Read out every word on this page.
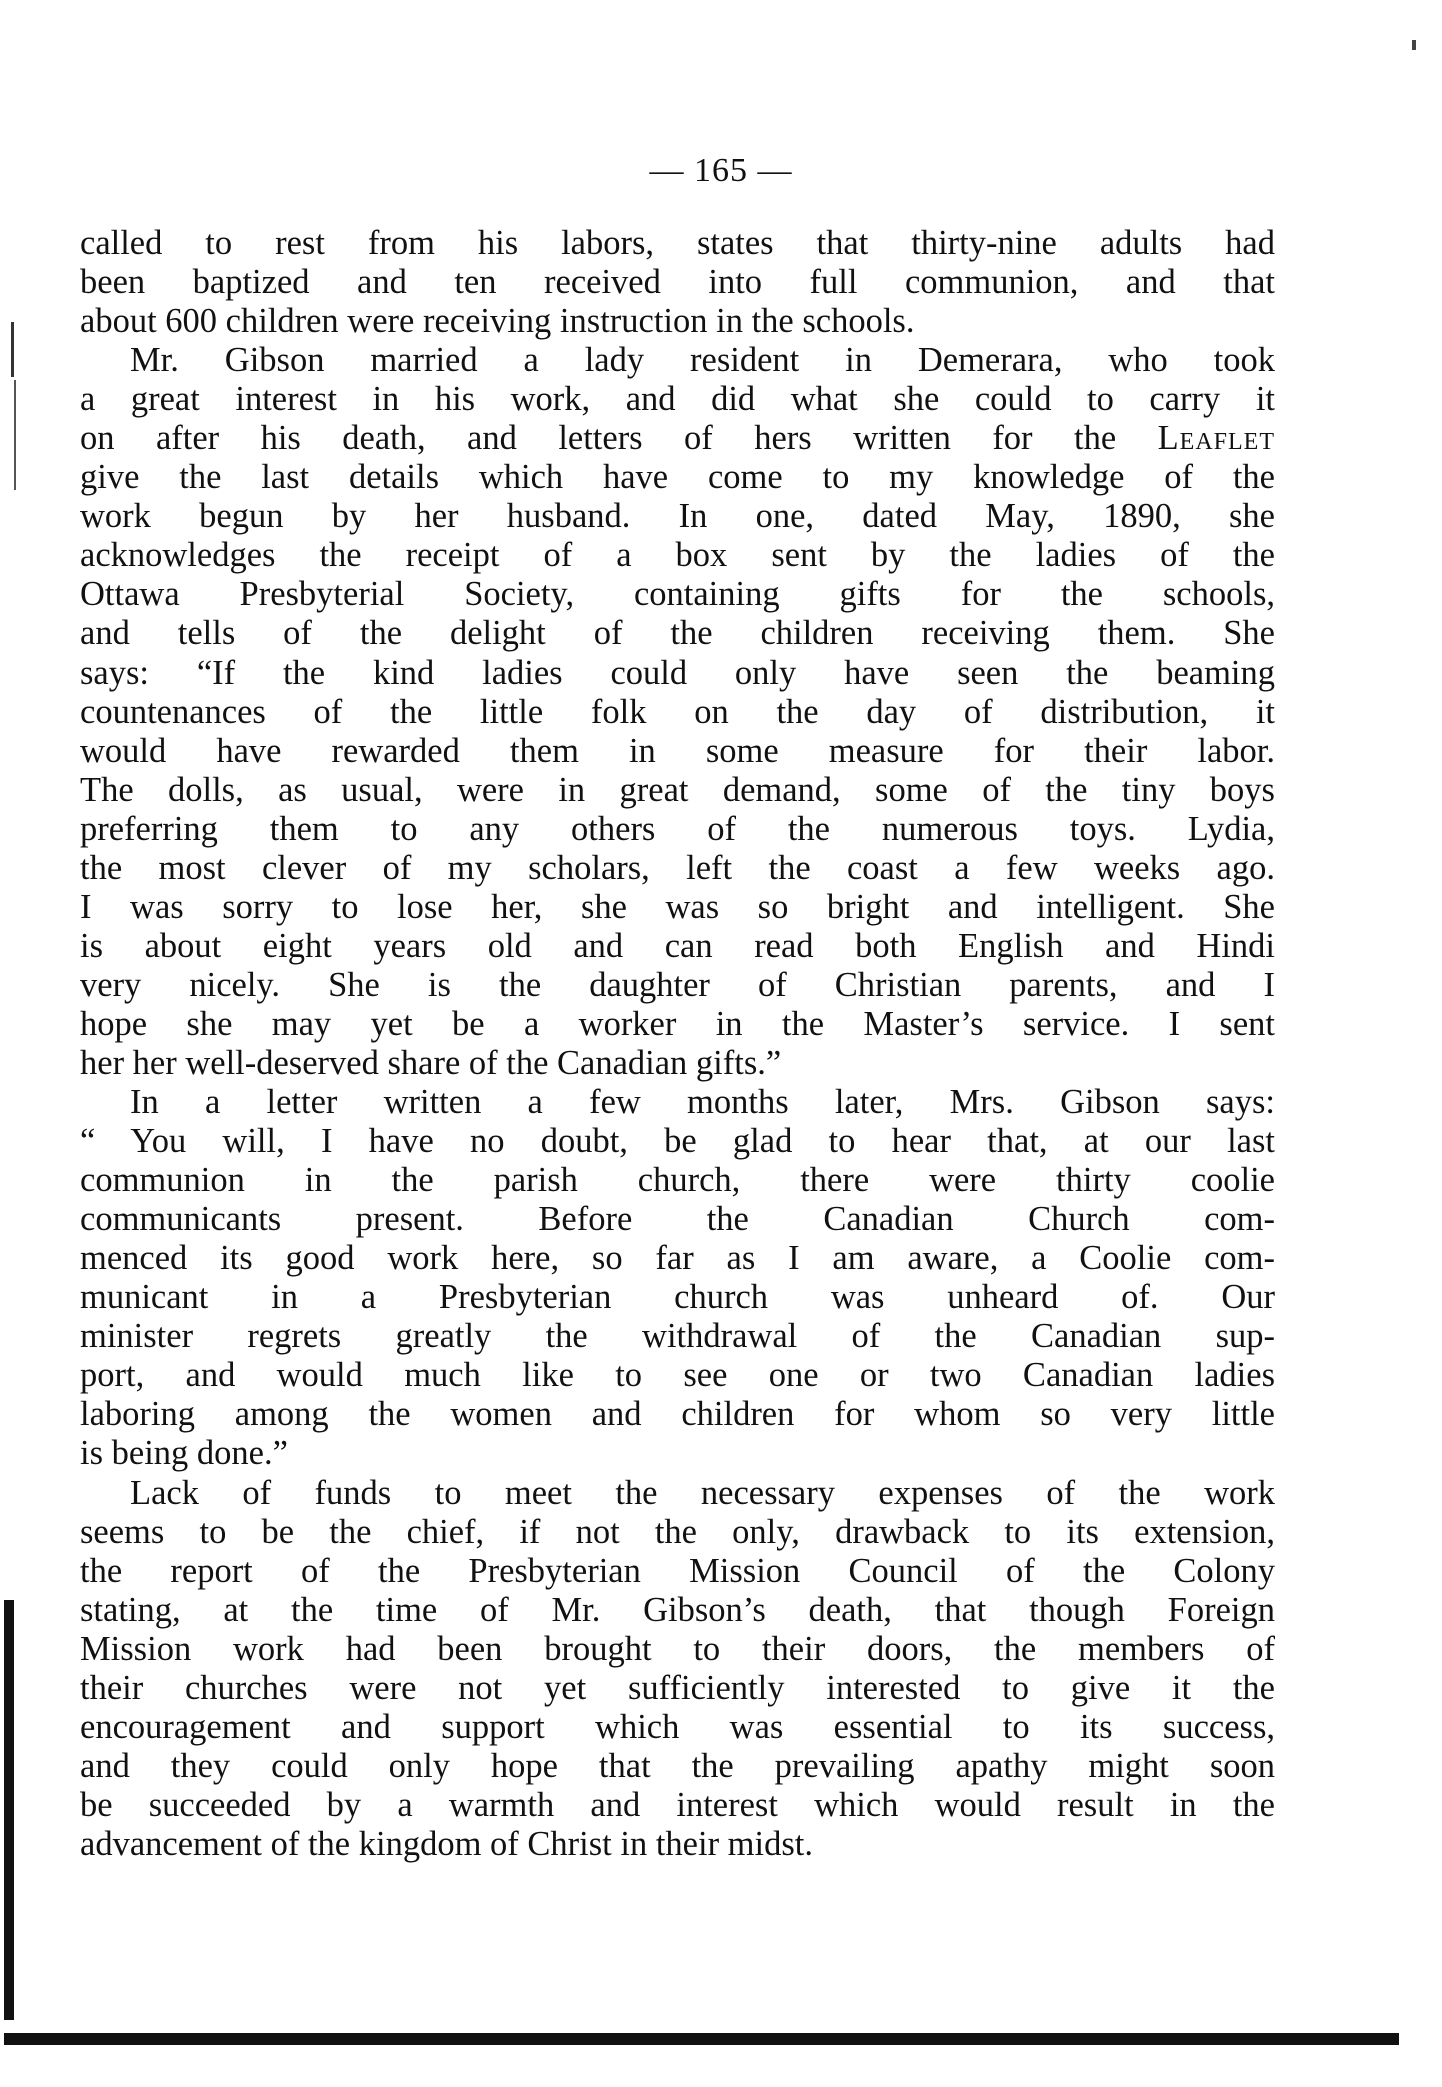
— 165 —
called to rest from his labors, states that thirty-nine adults had
been baptized and ten received into full communion, and that
about 600 children were receiving instruction in the schools.
Mr. Gibson married a lady resident in Demerara, who took
a great interest in his work, and did what she could to carry it
on after his death, and letters of hers written for the Leaflet
give the last details which have come to my knowledge of the
work begun by her husband. In one, dated May, 1890, she
acknowledges the receipt of a box sent by the ladies of the
Ottawa Presbyterial Society, containing gifts for the schools,
and tells of the delight of the children receiving them. She
says: “If the kind ladies could only have seen the beaming
countenances of the little folk on the day of distribution, it
would have rewarded them in some measure for their labor.
The dolls, as usual, were in great demand, some of the tiny boys
preferring them to any others of the numerous toys. Lydia,
the most clever of my scholars, left the coast a few weeks ago.
I was sorry to lose her, she was so bright and intelligent. She
is about eight years old and can read both English and Hindi
very nicely. She is the daughter of Christian parents, and I
hope she may yet be a worker in the Master’s service. I sent
her her well-deserved share of the Canadian gifts.”
In a letter written a few months later, Mrs. Gibson says:
“ You will, I have no doubt, be glad to hear that, at our last
communion in the parish church, there were thirty coolie
communicants present. Before the Canadian Church com-
menced its good work here, so far as I am aware, a Coolie com-
municant in a Presbyterian church was unheard of. Our
minister regrets greatly the withdrawal of the Canadian sup-
port, and would much like to see one or two Canadian ladies
laboring among the women and children for whom so very little
is being done.”
Lack of funds to meet the necessary expenses of the work
seems to be the chief, if not the only, drawback to its extension,
the report of the Presbyterian Mission Council of the Colony
stating, at the time of Mr. Gibson’s death, that though Foreign
Mission work had been brought to their doors, the members of
their churches were not yet sufficiently interested to give it the
encouragement and support which was essential to its success,
and they could only hope that the prevailing apathy might soon
be succeeded by a warmth and interest which would result in the
advancement of the kingdom of Christ in their midst.
